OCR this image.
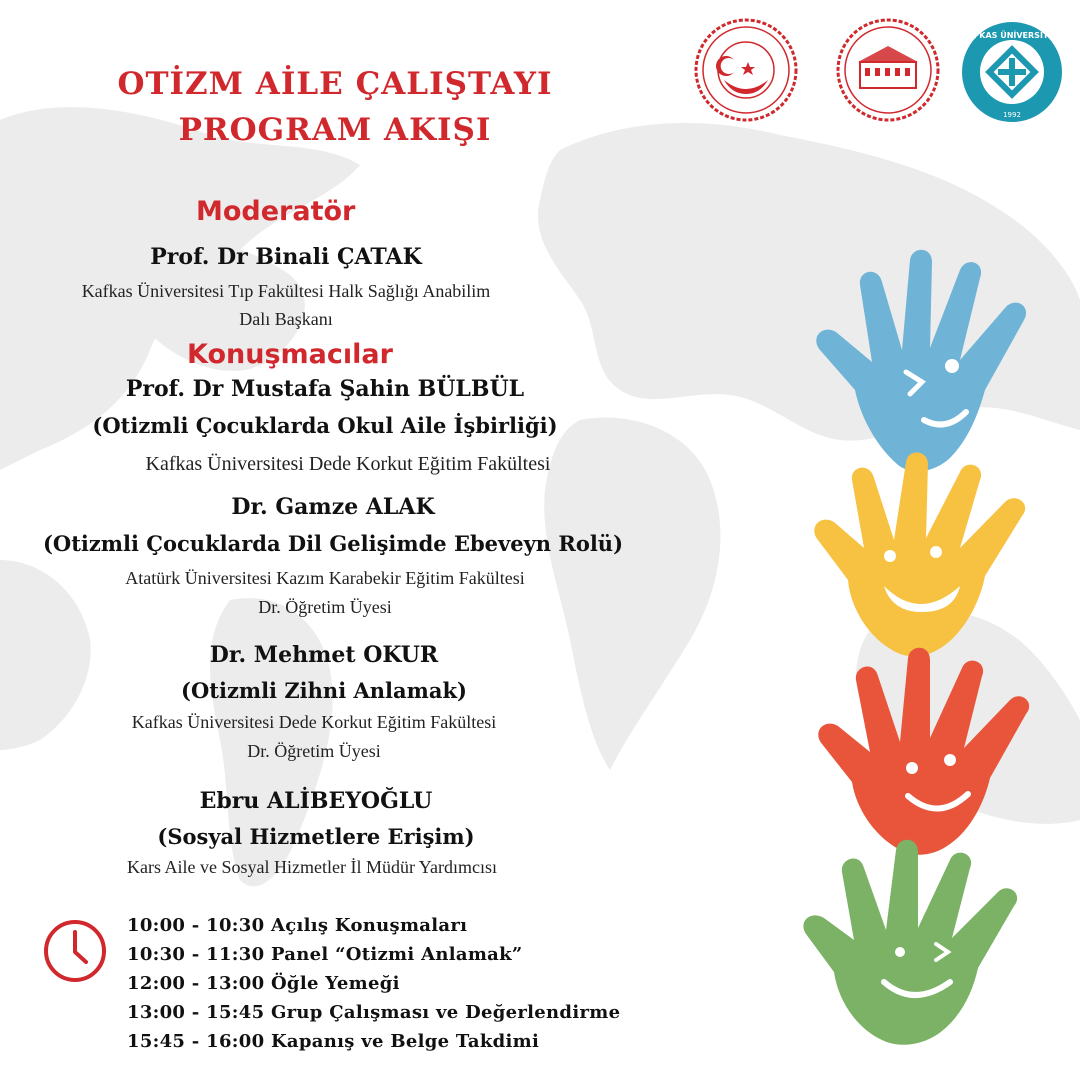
KAFKAS ÜNİVERSİTESİ
1992
OTİZM AİLE ÇALIŞTAYI
PROGRAM AKIŞI
Moderatör
Prof. Dr Binali ÇATAK
Kafkas Üniversitesi Tıp Fakültesi Halk Sağlığı Anabilim
Dalı Başkanı
Konuşmacılar
Prof. Dr Mustafa Şahin BÜLBÜL
(Otizmli Çocuklarda Okul Aile İşbirliği)
Kafkas Üniversitesi Dede Korkut Eğitim Fakültesi
Dr. Gamze ALAK
(Otizmli Çocuklarda Dil Gelişimde Ebeveyn Rolü)
Atatürk Üniversitesi Kazım Karabekir Eğitim Fakültesi
Dr. Öğretim Üyesi
Dr. Mehmet OKUR
(Otizmli Zihni Anlamak)
Kafkas Üniversitesi Dede Korkut Eğitim Fakültesi
Dr. Öğretim Üyesi
Ebru ALİBEYOĞLU
(Sosyal Hizmetlere Erişim)
Kars Aile ve Sosyal Hizmetler İl Müdür Yardımcısı
10:00 - 10:30 Açılış Konuşmaları
10:30 - 11:30 Panel “Otizmi Anlamak”
12:00 - 13:00 Öğle Yemeği
13:00 - 15:45 Grup Çalışması ve Değerlendirme
15:45 - 16:00 Kapanış ve Belge Takdimi
